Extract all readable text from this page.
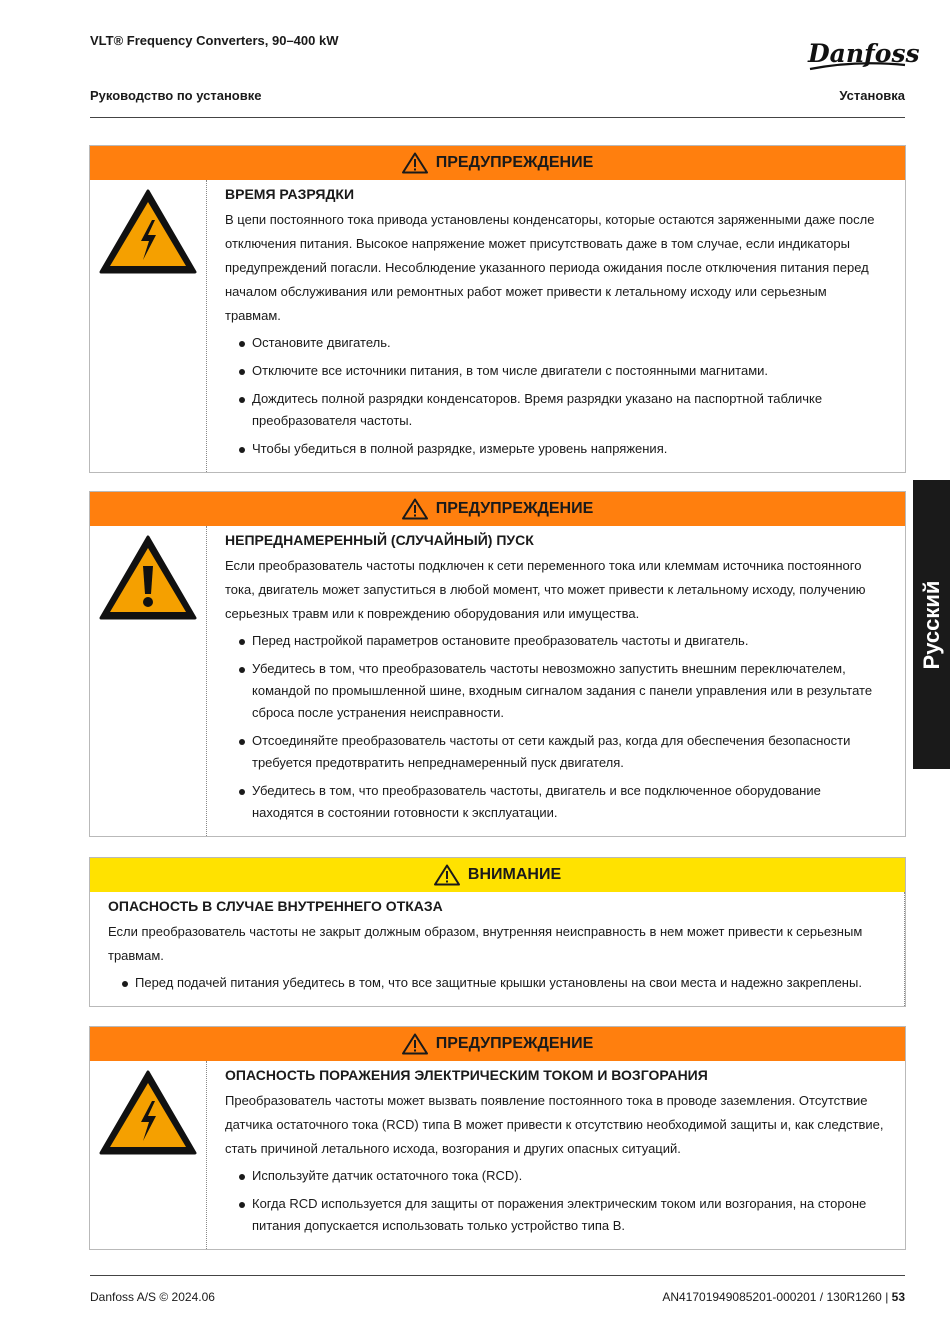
VLT® Frequency Converters, 90–400 kW
Руководство по установке	Установка
Danfoss
Русский
ПРЕДУПРЕЖДЕНИЕ
ВРЕМЯ РАЗРЯДКИ

В цепи постоянного тока привода установлены конденсаторы, которые остаются заряженными даже после отключения питания. Высокое напряжение может присутствовать даже в том случае, если индикаторы предупреждений погасли. Несоблюдение указанного периода ожидания после отключения питания перед началом обслуживания или ремонтных работ может привести к летальному исходу или серьезным травмам.

Остановите двигатель.
Отключите все источники питания, в том числе двигатели с постоянными магнитами.
Дождитесь полной разрядки конденсаторов. Время разрядки указано на паспортной табличке преобразователя частоты.
Чтобы убедиться в полной разрядке, измерьте уровень напряжения.
ПРЕДУПРЕЖДЕНИЕ
НЕПРЕДНАМЕРЕННЫЙ (СЛУЧАЙНЫЙ) ПУСК

Если преобразователь частоты подключен к сети переменного тока или клеммам источника постоянного тока, двигатель может запуститься в любой момент, что может привести к летальному исходу, получению серьезных травм или к повреждению оборудования или имущества.

Перед настройкой параметров остановите преобразователь частоты и двигатель.
Убедитесь в том, что преобразователь частоты невозможно запустить внешним переключателем, командой по промышленной шине, входным сигналом задания с панели управления или в результате сброса после устранения неисправности.
Отсоединяйте преобразователь частоты от сети каждый раз, когда для обеспечения безопасности требуется предотвратить непреднамеренный пуск двигателя.
Убедитесь в том, что преобразователь частоты, двигатель и все подключенное оборудование находятся в состоянии готовности к эксплуатации.
ВНИМАНИЕ
ОПАСНОСТЬ В СЛУЧАЕ ВНУТРЕННЕГО ОТКАЗА

Если преобразователь частоты не закрыт должным образом, внутренняя неисправность в нем может привести к серьезным травмам.

Перед подачей питания убедитесь в том, что все защитные крышки установлены на свои места и надежно закреплены.
ПРЕДУПРЕЖДЕНИЕ
ОПАСНОСТЬ ПОРАЖЕНИЯ ЭЛЕКТРИЧЕСКИМ ТОКОМ И ВОЗГОРАНИЯ

Преобразователь частоты может вызвать появление постоянного тока в проводе заземления. Отсутствие датчика остаточного тока (RCD) типа B может привести к отсутствию необходимой защиты и, как следствие, стать причиной летального исхода, возгорания и других опасных ситуаций.

Используйте датчик остаточного тока (RCD).
Когда RCD используется для защиты от поражения электрическим током или возгорания, на стороне питания допускается использовать только устройство типа B.
Danfoss A/S © 2024.06	AN41701949085201-000201 / 130R1260 | 53
